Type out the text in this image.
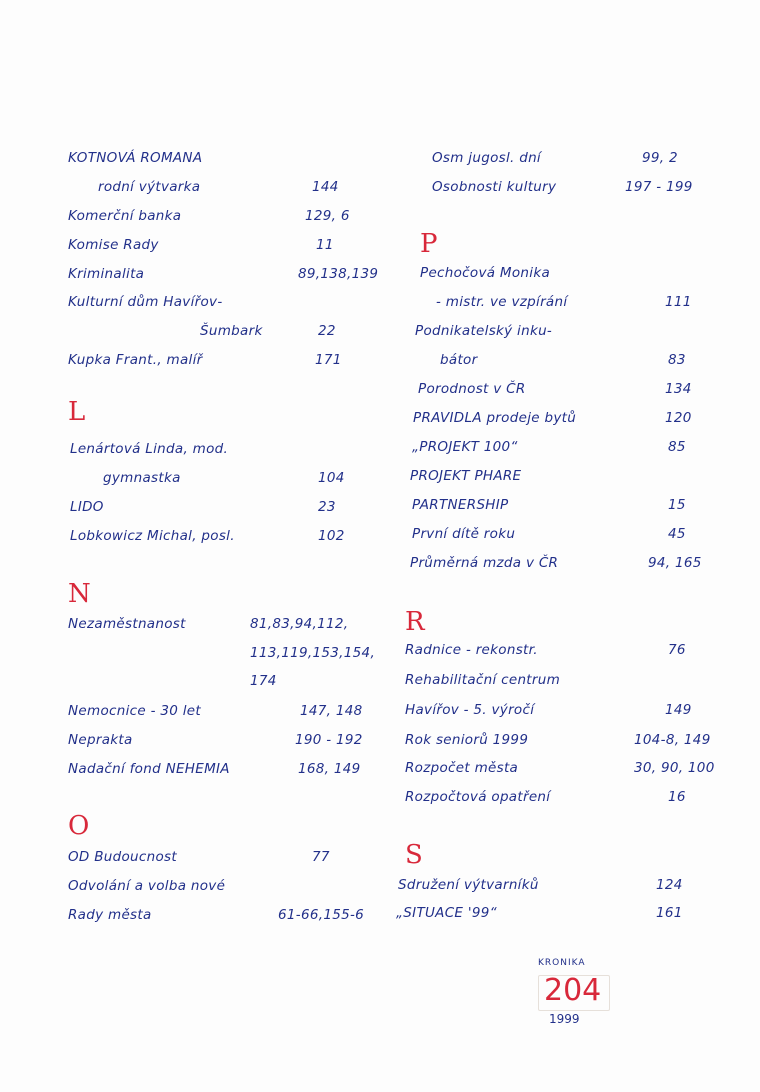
KOTNOVÁ ROMANA
rodní výtvarka	144
Komerční banka	129, 6
Komise Rady	11
Kriminalita	89,138,139
Kulturní dům Havířov-
Šumbark	22
Kupka Frant., malíř	171
L
Lenártová Linda, mod.
gymnastka	104
LIDO	23
Lobkowicz Michal, posl.	102
N
Nezaměstnanost	81,83,94,112,
113,119,153,154,
174
Nemocnice - 30 let	147, 148
Neprakta	190 - 192
Nadační fond NEHEMIA	168, 149
O
OD Budoucnost	77
Odvolání a volba nové
Rady města	61-66,155-6
Osm jugosl. dní	99, 2
Osobnosti kultury	197 - 199
P
Pechočová Monika
- mistr. ve vzpírání	111
Podnikatelský inku-
bátor	83
Porodnost v ČR	134
PRAVIDLA prodeje bytů	120
„PROJEKT 100“	85
PROJEKT PHARE
PARTNERSHIP	15
První dítě roku	45
Průměrná mzda v ČR	94, 165
R
Radnice - rekonstr.	76
Rehabilitační centrum
Havířov - 5. výročí	149
Rok seniorů 1999	104-8, 149
Rozpočet města	30, 90, 100
Rozpočtová opatření	16
S
Sdružení výtvarníků	124
„SITUACE '99“	161
KRONIKA
204
1999
